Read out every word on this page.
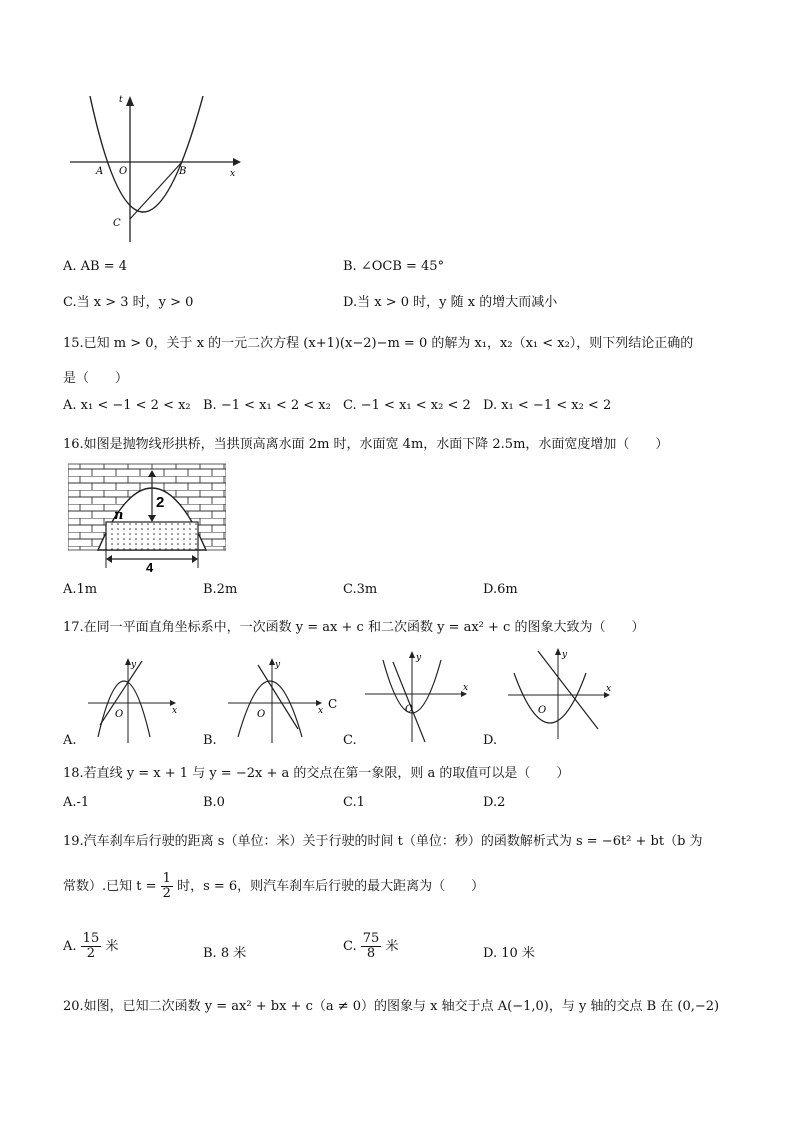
t
x
A O	B
C
A. AB = 4	B. ∠OCB = 45°
C.当 x > 3 时，y > 0	D.当 x > 0 时，y 随 x 的增大而减小
15.已知 m > 0，关于 x 的一元二次方程 (x+1)(x−2)−m = 0 的解为 x₁，x₂（x₁ < x₂），则下列结论正确的
是（　　）
A. x₁ < −1 < 2 < x₂ B. −1 < x₁ < 2 < x₂ C. −1 < x₁ < x₂ < 2 D. x₁ < −1 < x₂ < 2
16.如图是抛物线形拱桥，当拱顶高离水面 2m 时，水面宽 4m，水面下降 2.5m，水面宽度增加（　　）
2
n
4
A.1m	B.2m	C.3m	D.6m
17.在同一平面直角坐标系中，一次函数 y = ax + c 和二次函数 y = ax² + c 的图象大致为（　　）
y
x
O
y
x
O
C
y
x
O
y
x
O
A.	B.	C.	D.
18.若直线 y = x + 1 与 y = −2x + a 的交点在第一象限，则 a 的取值可以是（　　）
A.-1	B.0	C.1	D.2
19.汽车刹车后行驶的距离 s（单位：米）关于行驶的时间 t（单位：秒）的函数解析式为 s = −6t² + bt（b 为
常数）.已知 $t = \frac{1}{2}$ 时，s = 6，则汽车刹车后行驶的最大距离为（　　）
A. $\frac{15}{2}$ 米	B. 8 米	C. $\frac{75}{8}$ 米	D. 10 米
20.如图，已知二次函数 y = ax² + bx + c（a ≠ 0）的图象与 x 轴交于点 A(−1,0)，与 y 轴的交点 B 在 (0,−2)
